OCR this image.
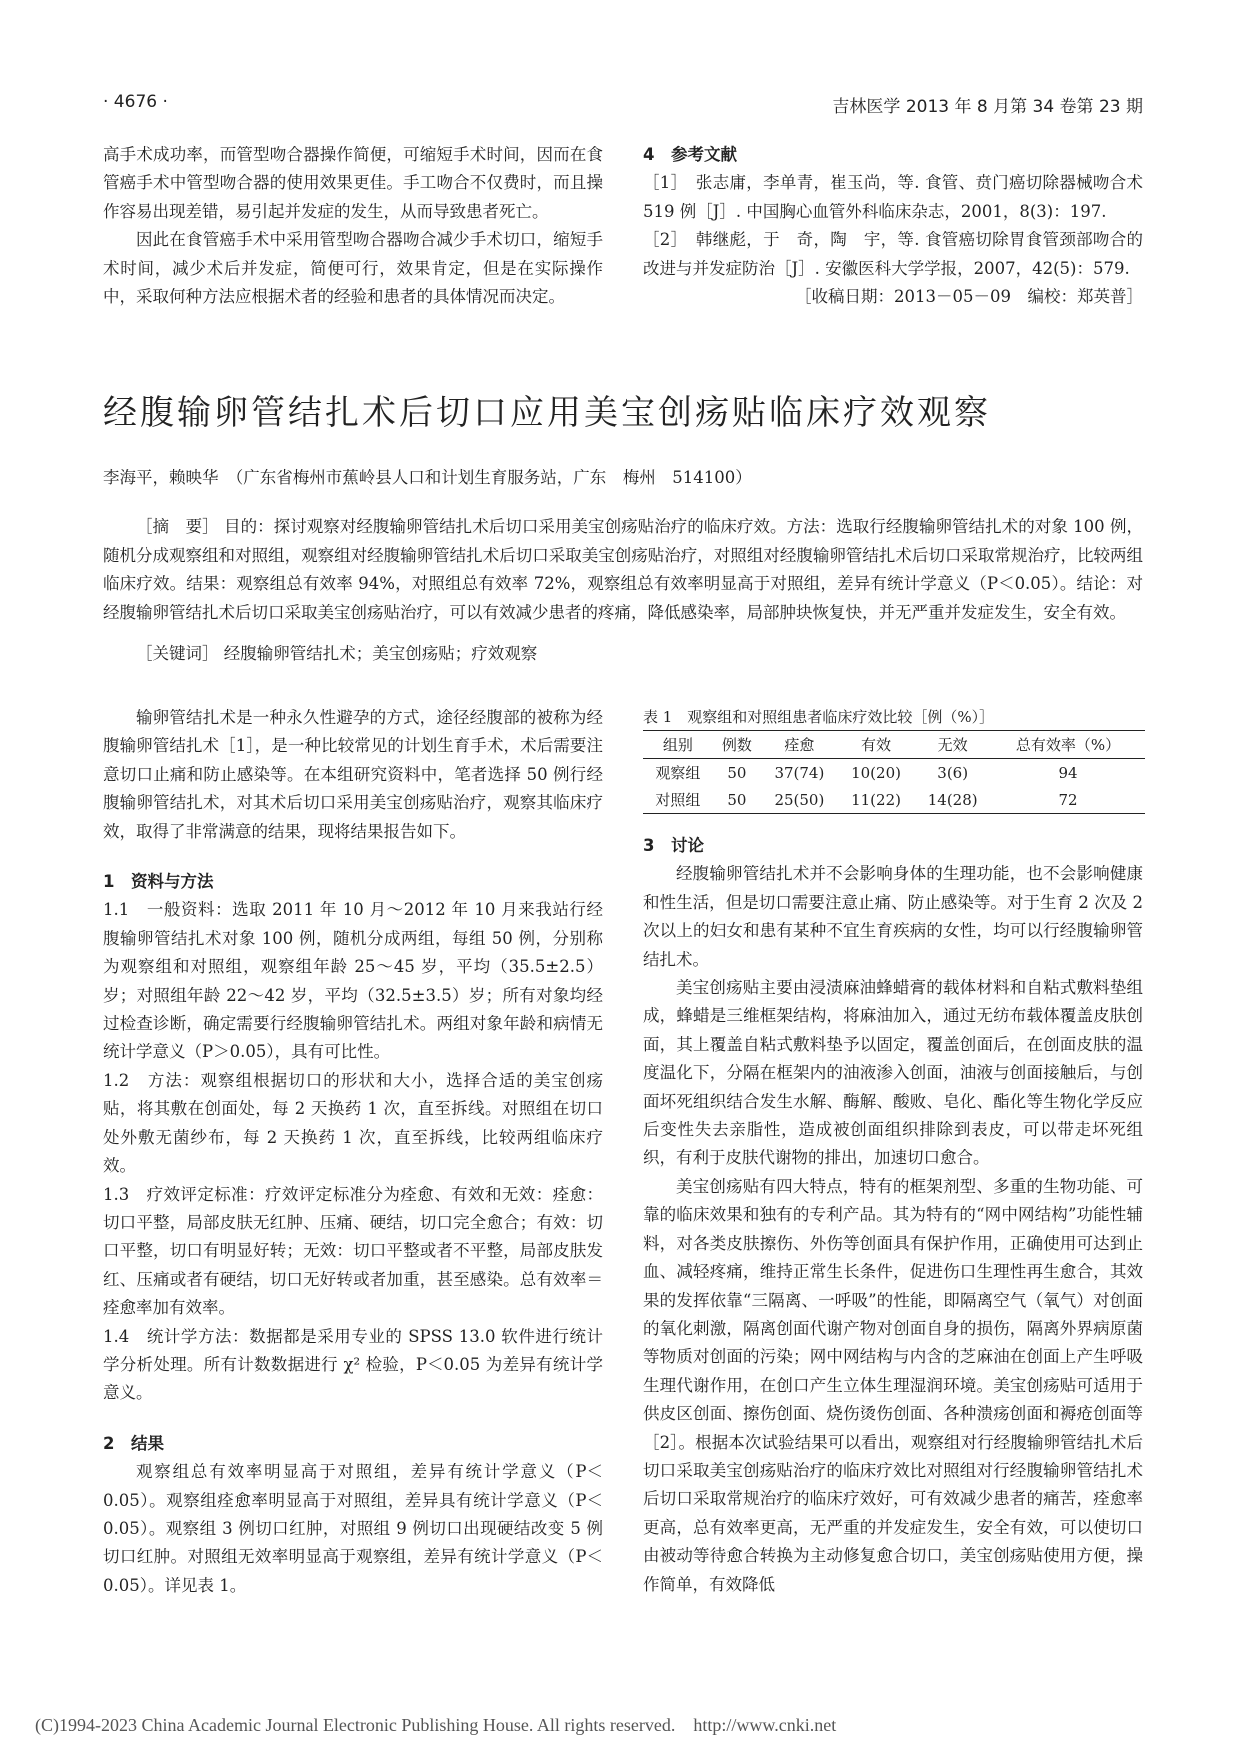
· 4676 ·	吉林医学 2013 年 8 月第 34 卷第 23 期

高手术成功率，而管型吻合器操作简便，可缩短手术时间，因而在食管癌手术中管型吻合器的使用效果更佳。手工吻合不仅费时，而且操作容易出现差错，易引起并发症的发生，从而导致患者死亡。

因此在食管癌手术中采用管型吻合器吻合减少手术切口，缩短手术时间，减少术后并发症，简便可行，效果肯定，但是在实际操作中，采取何种方法应根据术者的经验和患者的具体情况而决定。

4　参考文献

［1］　张志庸，李单青，崔玉尚，等. 食管、贲门癌切除器械吻合术 519 例［J］. 中国胸心血管外科临床杂志，2001，8(3)：197.

［2］　韩继彪，于　奇，陶　宇，等. 食管癌切除胃食管颈部吻合的改进与并发症防治［J］. 安徽医科大学学报，2007，42(5)：579.

［收稿日期：2013－05－09　编校：郑英普］

经腹输卵管结扎术后切口应用美宝创疡贴临床疗效观察
李海平，赖映华　（广东省梅州市蕉岭县人口和计划生育服务站，广东　梅州　514100）

［摘　要］ 目的：探讨观察对经腹输卵管结扎术后切口采用美宝创疡贴治疗的临床疗效。方法：选取行经腹输卵管结扎术的对象 100 例，随机分成观察组和对照组，观察组对经腹输卵管结扎术后切口采取美宝创疡贴治疗，对照组对经腹输卵管结扎术后切口采取常规治疗，比较两组临床疗效。结果：观察组总有效率 94%，对照组总有效率 72%，观察组总有效率明显高于对照组，差异有统计学意义（P＜0.05）。结论：对经腹输卵管结扎术后切口采取美宝创疡贴治疗，可以有效减少患者的疼痛，降低感染率，局部肿块恢复快，并无严重并发症发生，安全有效。

［关键词］ 经腹输卵管结扎术；美宝创疡贴；疗效观察

输卵管结扎术是一种永久性避孕的方式，途径经腹部的被称为经腹输卵管结扎术［1］，是一种比较常见的计划生育手术，术后需要注意切口止痛和防止感染等。在本组研究资料中，笔者选择 50 例行经腹输卵管结扎术，对其术后切口采用美宝创疡贴治疗，观察其临床疗效，取得了非常满意的结果，现将结果报告如下。

1　资料与方法

1.1　一般资料：选取 2011 年 10 月～2012 年 10 月来我站行经腹输卵管结扎术对象 100 例，随机分成两组，每组 50 例，分别称为观察组和对照组，观察组年龄 25～45 岁，平均（35.5±2.5）岁；对照组年龄 22～42 岁，平均（32.5±3.5）岁；所有对象均经过检查诊断，确定需要行经腹输卵管结扎术。两组对象年龄和病情无统计学意义（P＞0.05），具有可比性。

1.2　方法：观察组根据切口的形状和大小，选择合适的美宝创疡贴，将其敷在创面处，每 2 天换药 1 次，直至拆线。对照组在切口处外敷无菌纱布，每 2 天换药 1 次，直至拆线，比较两组临床疗效。

1.3　疗效评定标准：疗效评定标准分为痊愈、有效和无效：痊愈：切口平整，局部皮肤无红肿、压痛、硬结，切口完全愈合；有效：切口平整，切口有明显好转；无效：切口平整或者不平整，局部皮肤发红、压痛或者有硬结，切口无好转或者加重，甚至感染。总有效率＝痊愈率加有效率。

1.4　统计学方法：数据都是采用专业的 SPSS 13.0 软件进行统计学分析处理。所有计数数据进行 χ² 检验，P＜0.05 为差异有统计学意义。

2　结果

观察组总有效率明显高于对照组，差异有统计学意义（P＜0.05）。观察组痊愈率明显高于对照组，差异具有统计学意义（P＜0.05）。观察组 3 例切口红肿，对照组 9 例切口出现硬结改变 5 例切口红肿。对照组无效率明显高于观察组，差异有统计学意义（P＜0.05）。详见表 1。

表 1　观察组和对照组患者临床疗效比较［例（%）］
组别	例数	痊愈	有效	无效	总有效率（%）
观察组	50	37(74)	10(20)	3(6)	94
对照组	50	25(50)	11(22)	14(28)	72

3　讨论

经腹输卵管结扎术并不会影响身体的生理功能，也不会影响健康和性生活，但是切口需要注意止痛、防止感染等。对于生育 2 次及 2 次以上的妇女和患有某种不宜生育疾病的女性，均可以行经腹输卵管结扎术。

美宝创疡贴主要由浸渍麻油蜂蜡膏的载体材料和自粘式敷料垫组成，蜂蜡是三维框架结构，将麻油加入，通过无纺布载体覆盖皮肤创面，其上覆盖自粘式敷料垫予以固定，覆盖创面后，在创面皮肤的温度温化下，分隔在框架内的油液渗入创面，油液与创面接触后，与创面坏死组织结合发生水解、酶解、酸败、皂化、酯化等生物化学反应后变性失去亲脂性，造成被创面组织排除到表皮，可以带走坏死组织，有利于皮肤代谢物的排出，加速切口愈合。

美宝创疡贴有四大特点，特有的框架剂型、多重的生物功能、可靠的临床效果和独有的专利产品。其为特有的“网中网结构”功能性辅料，对各类皮肤擦伤、外伤等创面具有保护作用，正确使用可达到止血、减轻疼痛，维持正常生长条件，促进伤口生理性再生愈合，其效果的发挥依靠“三隔离、一呼吸”的性能，即隔离空气（氧气）对创面的氧化刺激，隔离创面代谢产物对创面自身的损伤，隔离外界病原菌等物质对创面的污染；网中网结构与内含的芝麻油在创面上产生呼吸生理代谢作用，在创口产生立体生理湿润环境。美宝创疡贴可适用于供皮区创面、擦伤创面、烧伤烫伤创面、各种溃疡创面和褥疮创面等［2］。根据本次试验结果可以看出，观察组对行经腹输卵管结扎术后切口采取美宝创疡贴治疗的临床疗效比对照组对行经腹输卵管结扎术后切口采取常规治疗的临床疗效好，可有效减少患者的痛苦，痊愈率更高，总有效率更高，无严重的并发症发生，安全有效，可以使切口由被动等待愈合转换为主动修复愈合切口，美宝创疡贴使用方便，操作简单，有效降低

(C)1994-2023 China Academic Journal Electronic Publishing House. All rights reserved.    http://www.cnki.net
